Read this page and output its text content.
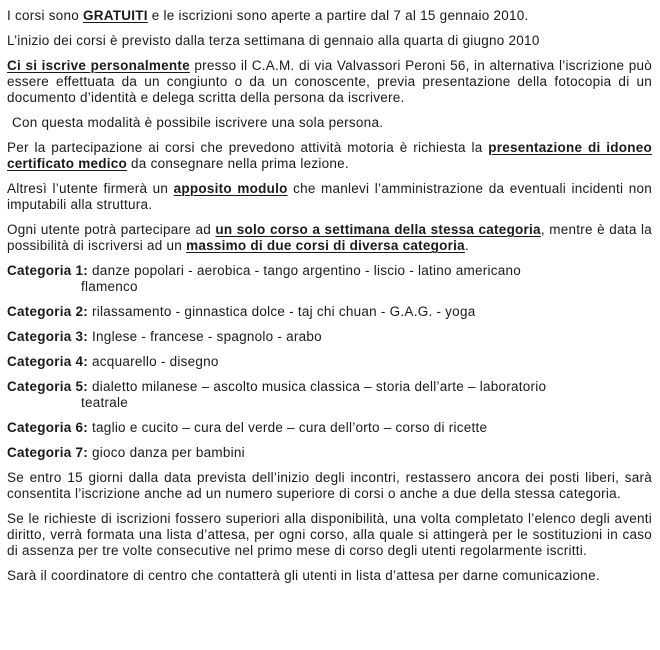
I corsi sono GRATUITI e le iscrizioni sono aperte a partire dal 7 al 15 gennaio 2010.

L’inizio dei corsi è previsto dalla terza settimana di gennaio alla quarta di giugno 2010

Ci si iscrive personalmente presso il C.A.M. di via Valvassori Peroni 56, in alternativa l’iscrizione può essere effettuata da un congiunto o da un conoscente, previa presentazione della fotocopia di un documento d’identità e delega scritta della persona da iscrivere.

Con questa modalità è possibile iscrivere una sola persona.

Per la partecipazione ai corsi che prevedono attività motoria è richiesta la presentazione di idoneo certificato medico da consegnare nella prima lezione.

Altresì l’utente firmerà un apposito modulo che manlevi l’amministrazione da eventuali incidenti non imputabili alla struttura.

Ogni utente potrà partecipare ad un solo corso a settimana della stessa categoria, mentre è data la possibilità di iscriversi ad un massimo di due corsi di diversa categoria.

Categoria 1: danze popolari - aerobica - tango argentino - liscio - latino americano
flamenco

Categoria 2: rilassamento - ginnastica dolce - taj chi chuan - G.A.G. - yoga

Categoria 3: Inglese - francese - spagnolo - arabo

Categoria 4: acquarello - disegno

Categoria 5: dialetto milanese – ascolto musica classica – storia dell’arte – laboratorio
teatrale

Categoria 6: taglio e cucito – cura del verde – cura dell’orto – corso di ricette

Categoria 7: gioco danza per bambini

Se entro 15 giorni dalla data prevista dell’inizio degli incontri, restassero ancora dei posti liberi, sarà consentita l’iscrizione anche ad un numero superiore di corsi o anche a due della stessa categoria.

Se le richieste di iscrizioni fossero superiori alla disponibilità, una volta completato l’elenco degli aventi diritto, verrà formata una lista d’attesa, per ogni corso, alla quale si attingerà per le sostituzioni in caso di assenza per tre volte consecutive nel primo mese di corso degli utenti regolarmente iscritti.

Sarà il coordinatore di centro che contatterà gli utenti in lista d’attesa per darne comunicazione.
